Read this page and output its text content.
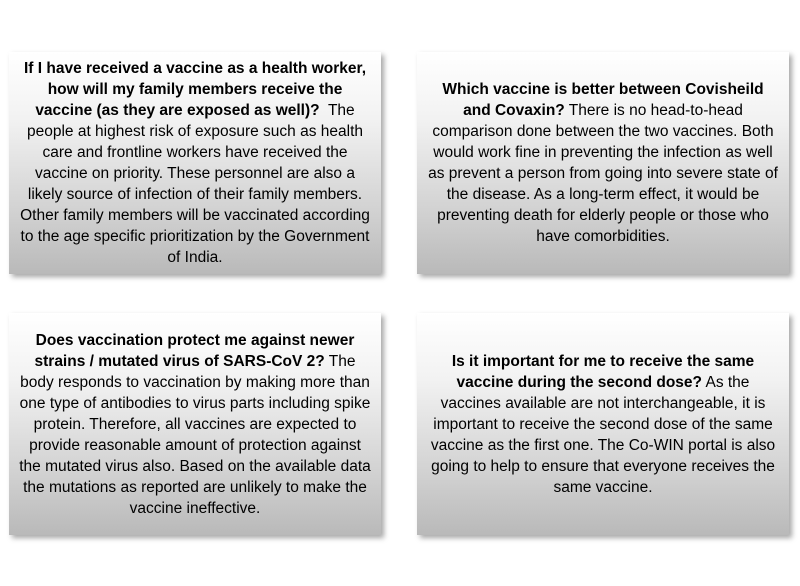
If I have received a vaccine as a health worker, how will my family members receive the vaccine (as they are exposed as well)? The people at highest risk of exposure such as health care and frontline workers have received the vaccine on priority. These personnel are also a likely source of infection of their family members. Other family members will be vaccinated according to the age specific prioritization by the Government of India.

Which vaccine is better between Covisheild and Covaxin? There is no head-to-head comparison done between the two vaccines. Both would work fine in preventing the infection as well as prevent a person from going into severe state of the disease. As a long-term effect, it would be preventing death for elderly people or those who have comorbidities.

Does vaccination protect me against newer strains / mutated virus of SARS-CoV 2? The body responds to vaccination by making more than one type of antibodies to virus parts including spike protein. Therefore, all vaccines are expected to provide reasonable amount of protection against the mutated virus also. Based on the available data the mutations as reported are unlikely to make the vaccine ineffective.

Is it important for me to receive the same vaccine during the second dose? As the vaccines available are not interchangeable, it is important to receive the second dose of the same vaccine as the first one. The Co-WIN portal is also going to help to ensure that everyone receives the same vaccine.
